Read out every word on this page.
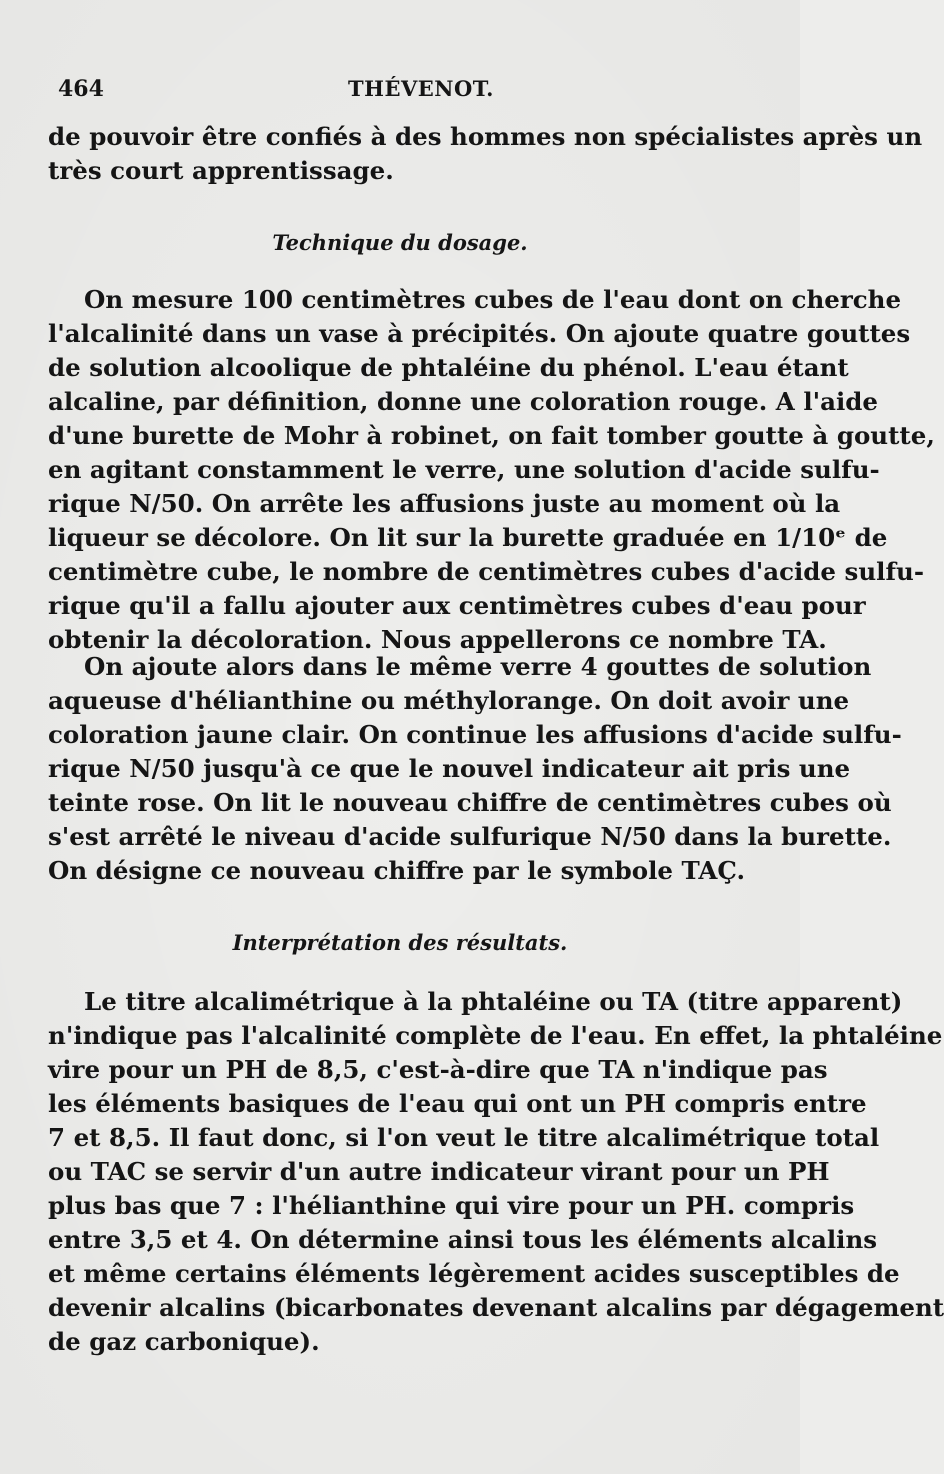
464	THÉVENOT.
de pouvoir être confiés à des hommes non spécialistes après un
très court apprentissage.
Technique du dosage.
On mesure 100 centimètres cubes de l'eau dont on cherche
l'alcalinité dans un vase à précipités. On ajoute quatre gouttes
de solution alcoolique de phtaléine du phénol. L'eau étant
alcaline, par définition, donne une coloration rouge. A l'aide
d'une burette de Mohr à robinet, on fait tomber goutte à goutte,
en agitant constamment le verre, une solution d'acide sulfu-
rique N/50. On arrête les affusions juste au moment où la
liqueur se décolore. On lit sur la burette graduée en 1/10ᵉ de
centimètre cube, le nombre de centimètres cubes d'acide sulfu-
rique qu'il a fallu ajouter aux centimètres cubes d'eau pour
obtenir la décoloration. Nous appellerons ce nombre TA.
On ajoute alors dans le même verre 4 gouttes de solution
aqueuse d'hélianthine ou méthylorange. On doit avoir une
coloration jaune clair. On continue les affusions d'acide sulfu-
rique N/50 jusqu'à ce que le nouvel indicateur ait pris une
teinte rose. On lit le nouveau chiffre de centimètres cubes où
s'est arrêté le niveau d'acide sulfurique N/50 dans la burette.
On désigne ce nouveau chiffre par le symbole TAÇ.
Interprétation des résultats.
Le titre alcalimétrique à la phtaléine ou TA (titre apparent)
n'indique pas l'alcalinité complète de l'eau. En effet, la phtaléine
vire pour un PH de 8,5, c'est-à-dire que TA n'indique pas
les éléments basiques de l'eau qui ont un PH compris entre
7 et 8,5. Il faut donc, si l'on veut le titre alcalimétrique total
ou TAC se servir d'un autre indicateur virant pour un PH
plus bas que 7 : l'hélianthine qui vire pour un PH. compris
entre 3,5 et 4. On détermine ainsi tous les éléments alcalins
et même certains éléments légèrement acides susceptibles de
devenir alcalins (bicarbonates devenant alcalins par dégagement
de gaz carbonique).
